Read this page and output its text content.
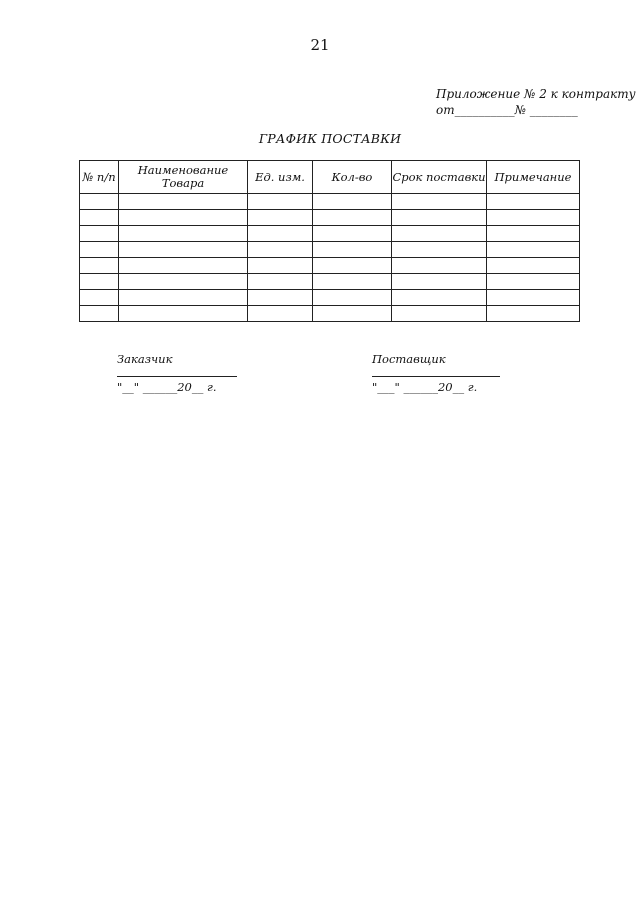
21
Приложение № 2 к контракту
от__________№ ________
ГРАФИК ПОСТАВКИ
№ п/п	Наименование Товара	Ед. изм.	Кол-во	Срок поставки	Примечание

Заказчик
"__" ______20__ г.
Поставщик
"___" ______20__ г.
